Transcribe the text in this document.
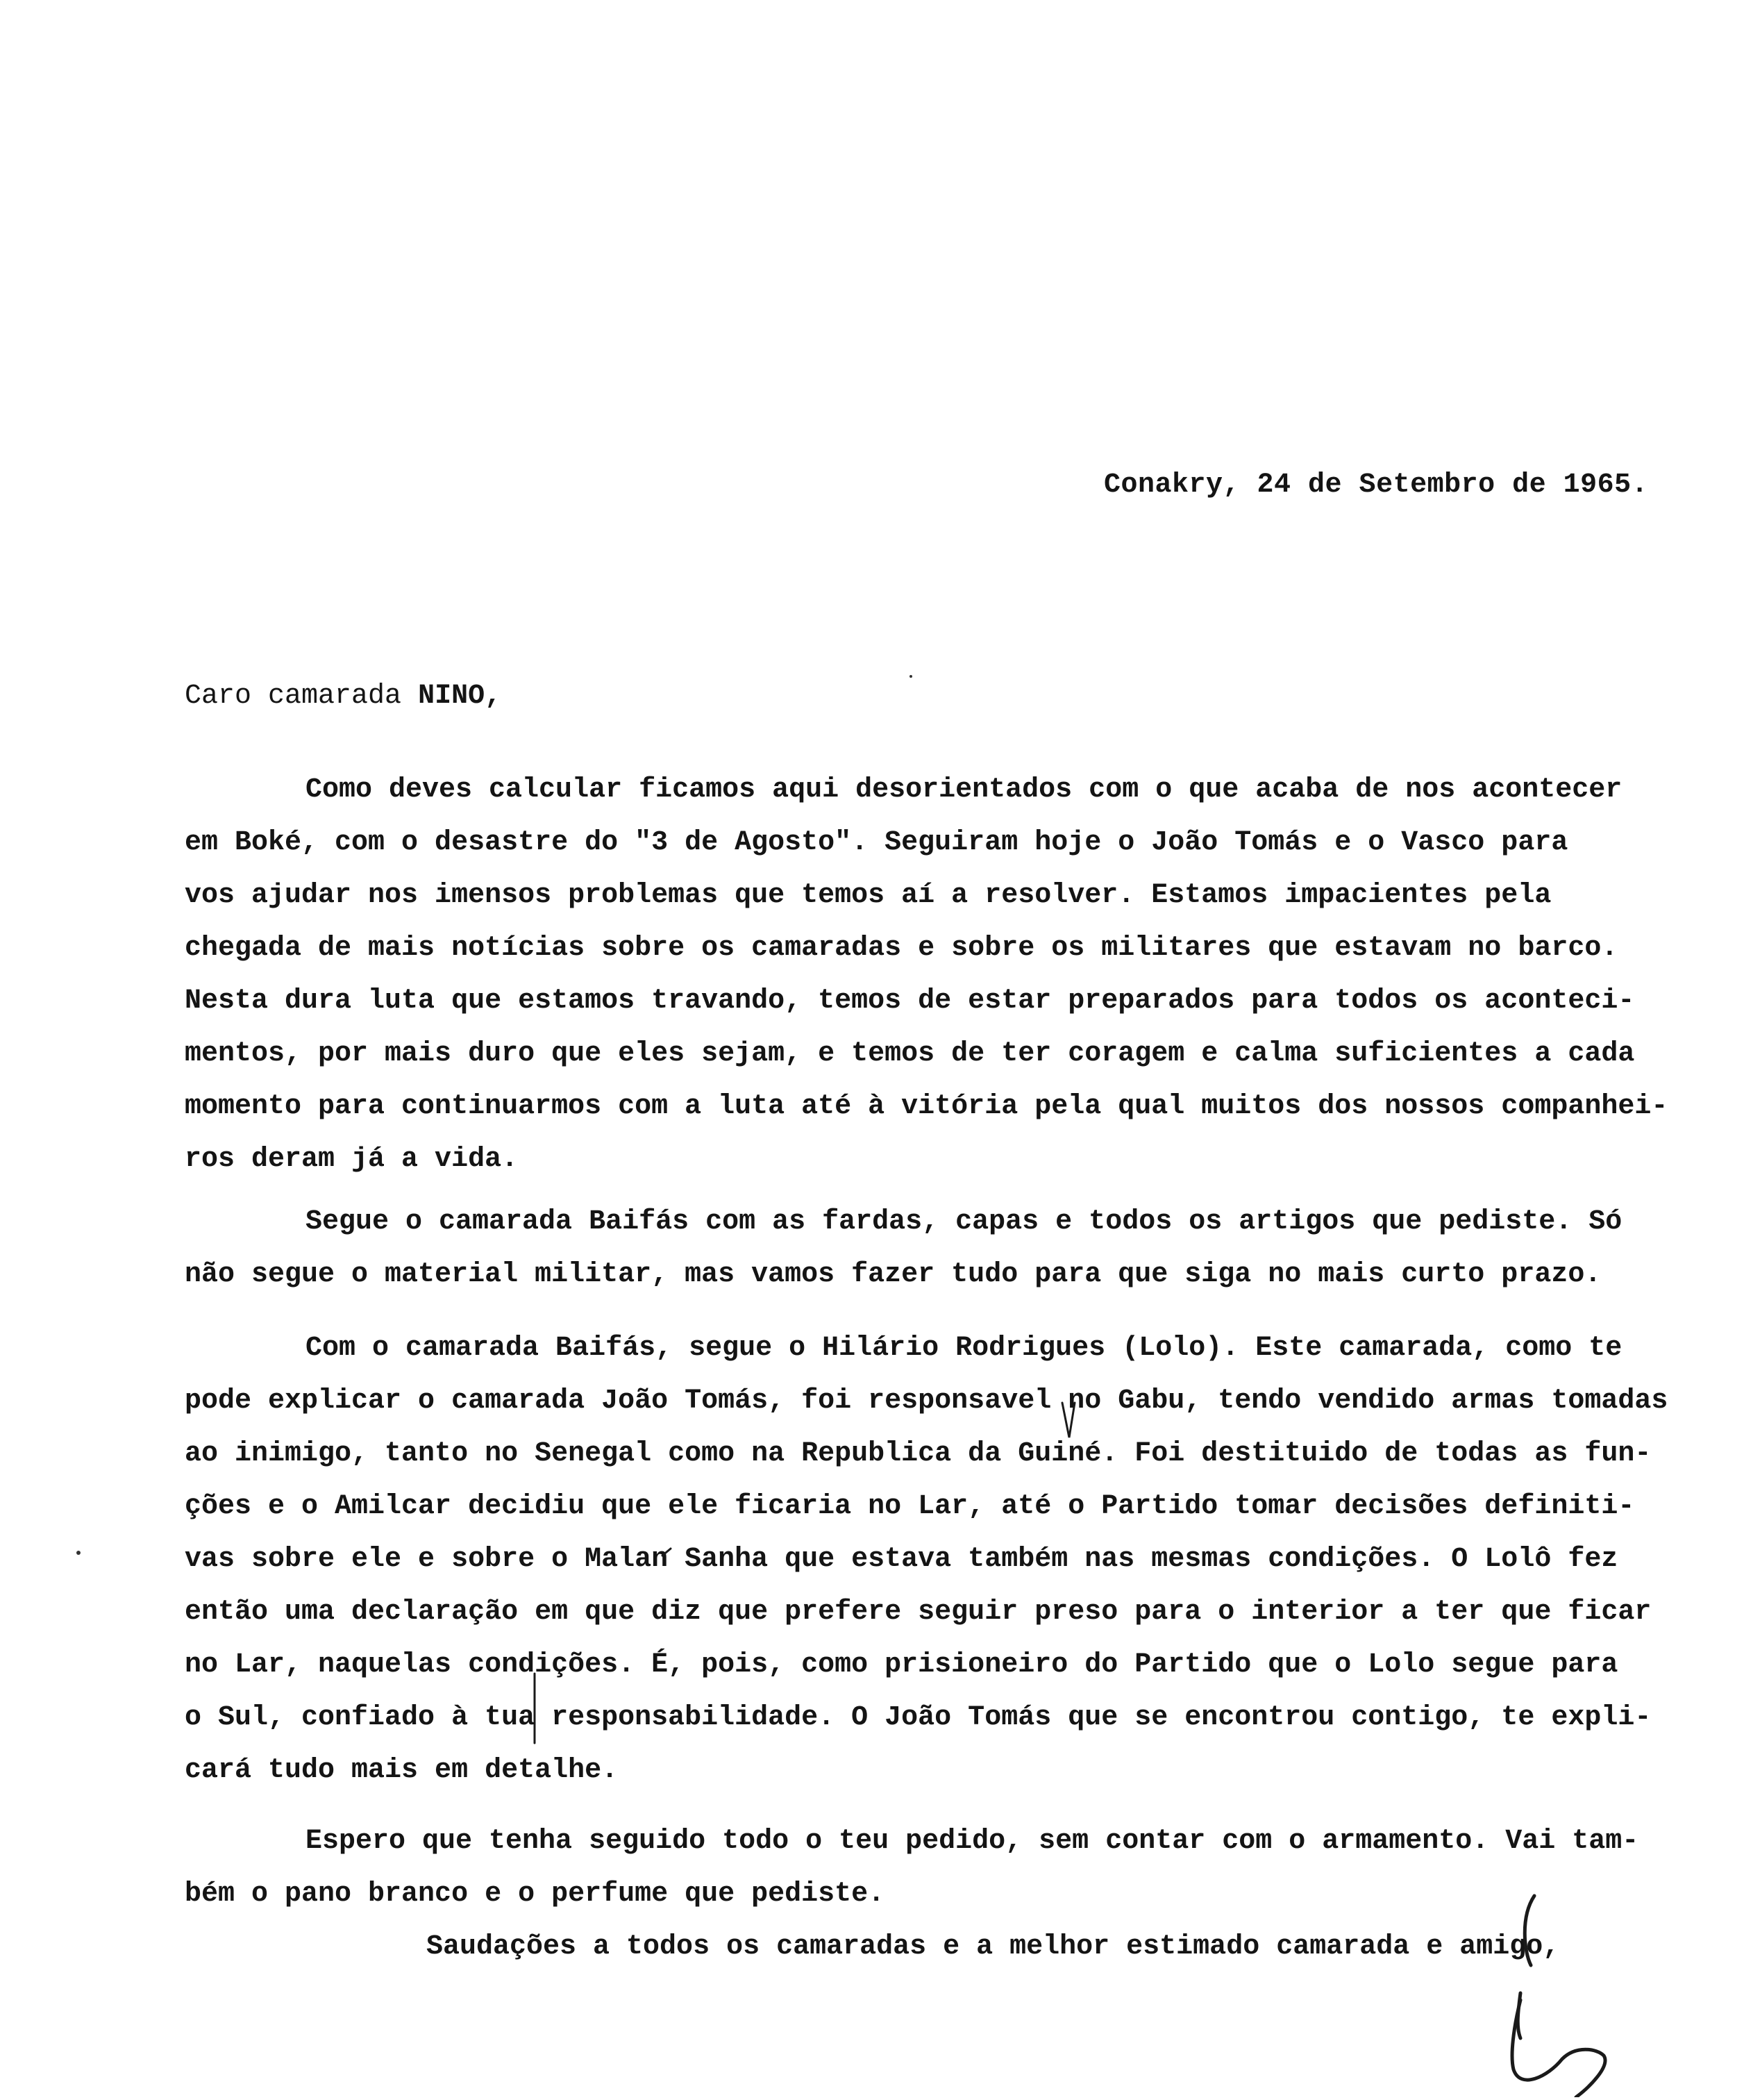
Conakry, 24 de Setembro de 1965.
Caro camarada NINO,
Como deves calcular ficamos aqui desorientados com o que acaba de nos acontecer
em Boké, com o desastre do "3 de Agosto". Seguiram hoje o João Tomás e o Vasco para
vos ajudar nos imensos problemas que temos aí a resolver. Estamos impacientes pela
chegada de mais notícias sobre os camaradas e sobre os militares que estavam no barco.
Nesta dura luta que estamos travando, temos de estar preparados para todos os aconteci-
mentos, por mais duro que eles sejam, e temos de ter coragem e calma suficientes a cada
momento para continuarmos com a luta até à vitória pela qual muitos dos nossos companhei-
ros deram já a vida.
Segue o camarada Baifás com as fardas, capas e todos os artigos que pediste. Só
não segue o material militar, mas vamos fazer tudo para que siga no mais curto prazo.
Com o camarada Baifás, segue o Hilário Rodrigues (Lolo). Este camarada, como te
pode explicar o camarada João Tomás, foi responsavel no Gabu, tendo vendido armas tomadas
ao inimigo, tanto no Senegal como na Republica da Guiné. Foi destituido de todas as fun-
ções e o Amilcar decidiu que ele ficaria no Lar, até o Partido tomar decisões definiti-
vas sobre ele e sobre o Malan Sanha que estava também nas mesmas condições. O Lolô fez
então uma declaração em que diz que prefere seguir preso para o interior a ter que ficar
no Lar, naquelas condições. É, pois, como prisioneiro do Partido que o Lolo segue para
o Sul, confiado à tua responsabilidade. O João Tomás que se encontrou contigo, te expli-
cará tudo mais em detalhe.
Espero que tenha seguido todo o teu pedido, sem contar com o armamento. Vai tam-
bém o pano branco e o perfume que pediste.
Saudações a todos os camaradas e a melhor estimado camarada e amigo,
